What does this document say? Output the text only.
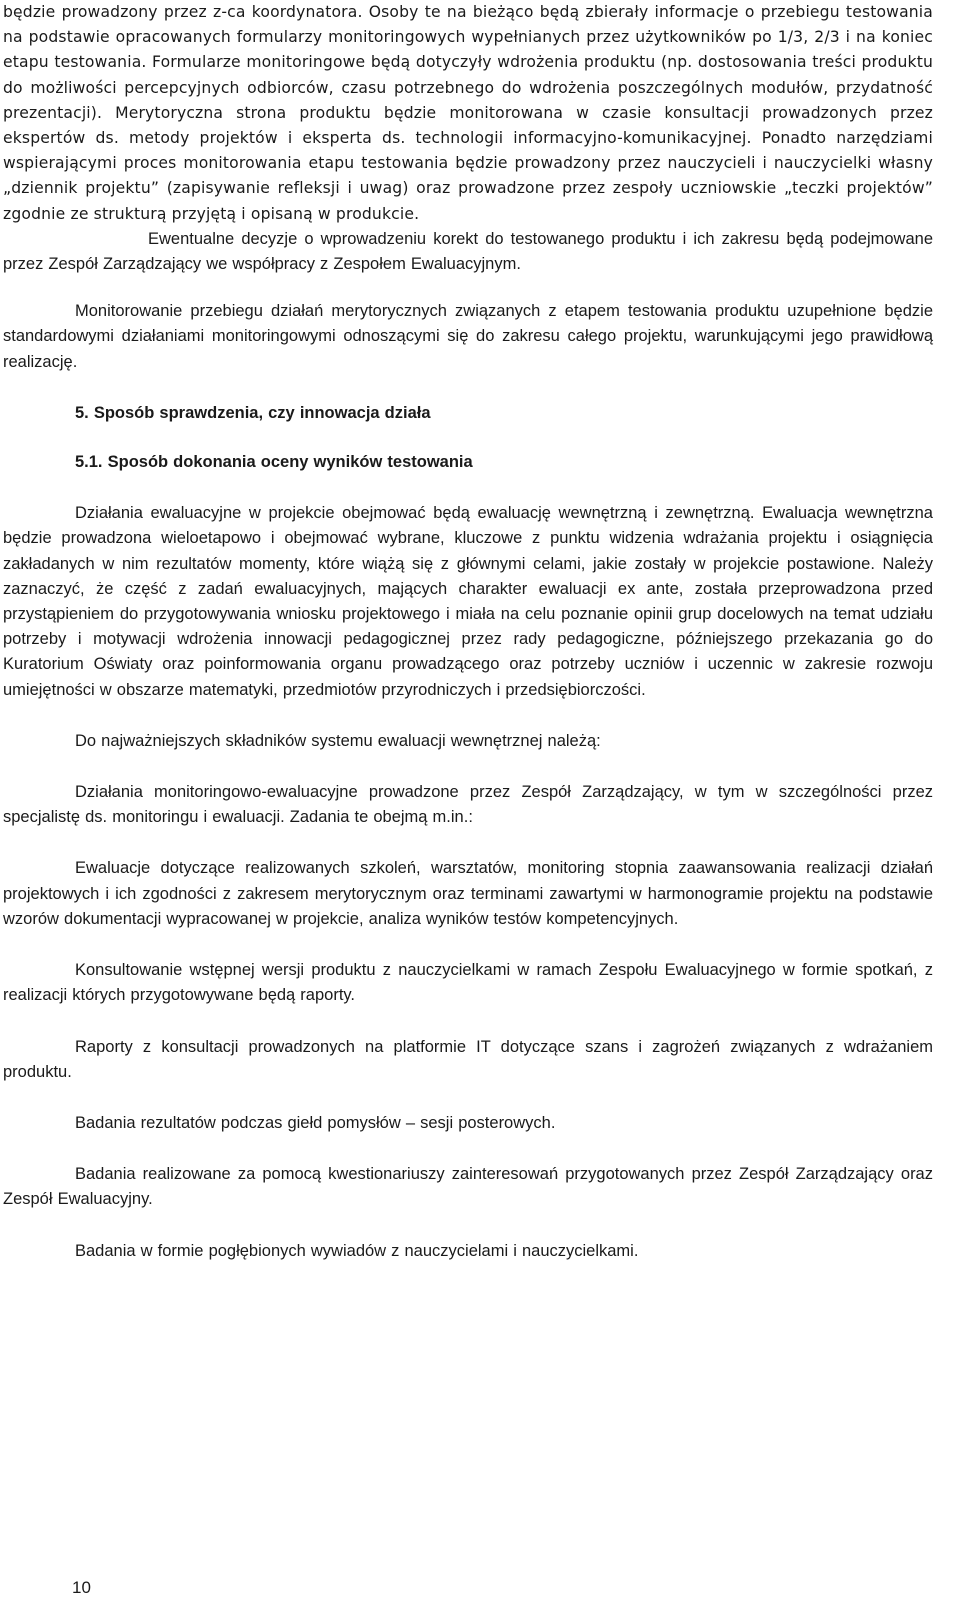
będzie prowadzony przez z-ca koordynatora. Osoby te na bieżąco będą zbierały informacje o przebiegu testowania na podstawie opracowanych formularzy monitoringowych wypełnianych przez użytkowników po 1/3, 2/3 i na koniec etapu testowania. Formularze monitoringowe będą dotyczyły wdrożenia produktu (np. dostosowania treści produktu do możliwości percepcyjnych odbiorców, czasu potrzebnego do wdrożenia poszczególnych modułów, przydatność prezentacji). Merytoryczna strona produktu będzie monitorowana w czasie konsultacji prowadzonych przez ekspertów ds. metody projektów i eksperta ds. technologii informacyjno-komunikacyjnej. Ponadto narzędziami wspierającymi proces monitorowania etapu testowania będzie prowadzony przez nauczycieli i nauczycielki własny „dziennik projektu” (zapisywanie refleksji i uwag) oraz prowadzone przez zespoły uczniowskie „teczki projektów” zgodnie ze strukturą przyjętą i opisaną w produkcie.

Ewentualne decyzje o wprowadzeniu korekt do testowanego produktu i ich zakresu będą podejmowane przez Zespół Zarządzający we współpracy z Zespołem Ewaluacyjnym.

Monitorowanie przebiegu działań merytorycznych związanych z etapem testowania produktu uzupełnione będzie standardowymi działaniami monitoringowymi odnoszącymi się do zakresu całego projektu, warunkującymi jego prawidłową realizację.

5. Sposób sprawdzenia, czy innowacja działa

5.1. Sposób dokonania oceny wyników testowania

Działania ewaluacyjne w projekcie obejmować będą ewaluację wewnętrzną i zewnętrzną. Ewaluacja wewnętrzna będzie prowadzona wieloetapowo i obejmować wybrane, kluczowe z punktu widzenia wdrażania projektu i osiągnięcia zakładanych w nim rezultatów momenty, które wiążą się z głównymi celami, jakie zostały w projekcie postawione. Należy zaznaczyć, że część z zadań ewaluacyjnych, mających charakter ewaluacji ex ante, została przeprowadzona przed przystąpieniem do przygotowywania wniosku projektowego i miała na celu poznanie opinii grup docelowych na temat udziału potrzeby i motywacji wdrożenia innowacji pedagogicznej przez rady pedagogiczne, późniejszego przekazania go do Kuratorium Oświaty oraz poinformowania organu prowadzącego oraz potrzeby uczniów i uczennic w zakresie rozwoju umiejętności w obszarze matematyki, przedmiotów przyrodniczych i przedsiębiorczości.

Do najważniejszych składników systemu ewaluacji wewnętrznej należą:

Działania monitoringowo-ewaluacyjne prowadzone przez Zespół Zarządzający, w tym w szczególności przez specjalistę ds. monitoringu i ewaluacji. Zadania te obejmą m.in.:

Ewaluacje dotyczące realizowanych szkoleń, warsztatów, monitoring stopnia zaawansowania realizacji działań projektowych i ich zgodności z zakresem merytorycznym oraz terminami zawartymi w harmonogramie projektu na podstawie wzorów dokumentacji wypracowanej w projekcie, analiza wyników testów kompetencyjnych.

Konsultowanie wstępnej wersji produktu z nauczycielkami w ramach Zespołu Ewaluacyjnego w formie spotkań, z realizacji których przygotowywane będą raporty.

Raporty z konsultacji prowadzonych na platformie IT dotyczące szans i zagrożeń związanych z wdrażaniem produktu.

Badania rezultatów podczas giełd pomysłów – sesji posterowych.

Badania realizowane za pomocą kwestionariuszy zainteresowań przygotowanych przez Zespół Zarządzający oraz Zespół Ewaluacyjny.

Badania w formie pogłębionych wywiadów z nauczycielami i nauczycielkami.

10
